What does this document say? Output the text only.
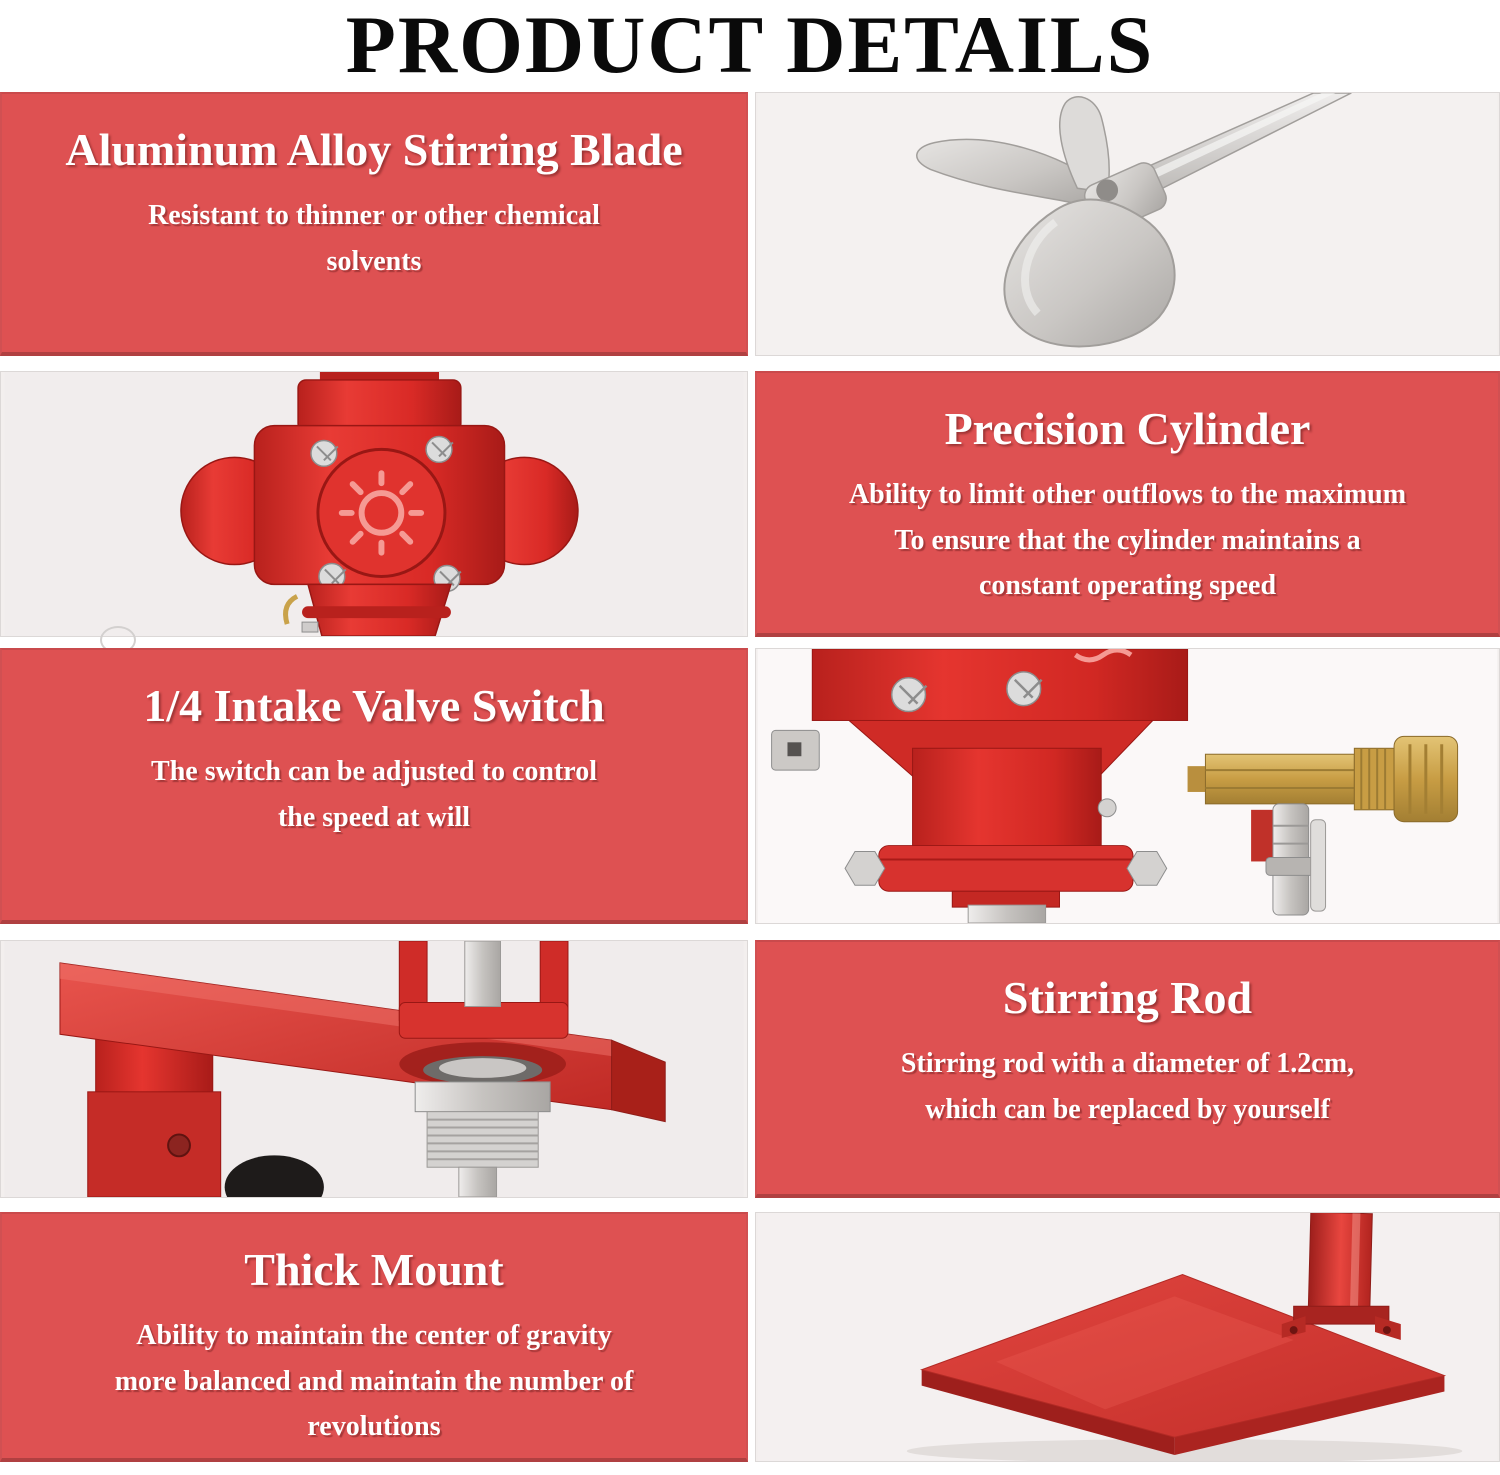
PRODUCT DETAILS
Aluminum Alloy Stirring Blade

Resistant to thinner or other chemical

solvents

Precision Cylinder

Ability to limit other outflows to the maximum

To ensure that the cylinder maintains a

constant operating speed

1/4 Intake Valve Switch

The switch can be adjusted to control

the speed at will

Stirring Rod

Stirring rod with a diameter of 1.2cm,

which can be replaced by yourself

Thick Mount

Ability to maintain the center of gravity

more balanced and maintain the number of

revolutions
